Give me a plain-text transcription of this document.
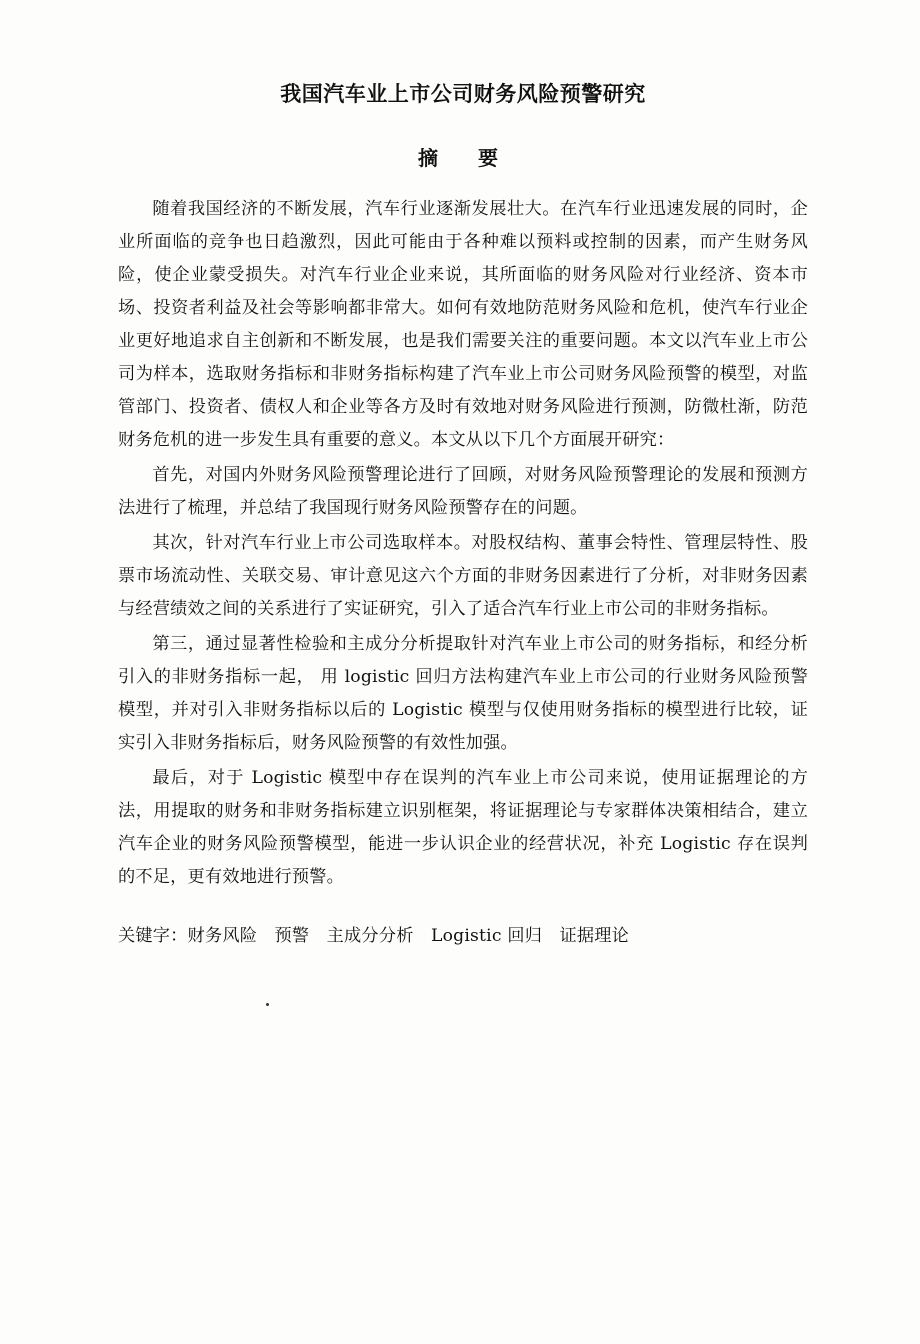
我国汽车业上市公司财务风险预警研究
摘　要

随着我国经济的不断发展，汽车行业逐渐发展壮大。在汽车行业迅速发展的同时，企业所面临的竞争也日趋激烈，因此可能由于各种难以预料或控制的因素，而产生财务风险，使企业蒙受损失。对汽车行业企业来说，其所面临的财务风险对行业经济、资本市场、投资者利益及社会等影响都非常大。如何有效地防范财务风险和危机，使汽车行业企业更好地追求自主创新和不断发展，也是我们需要关注的重要问题。本文以汽车业上市公司为样本，选取财务指标和非财务指标构建了汽车业上市公司财务风险预警的模型，对监管部门、投资者、债权人和企业等各方及时有效地对财务风险进行预测，防微杜渐，防范财务危机的进一步发生具有重要的意义。本文从以下几个方面展开研究：

首先，对国内外财务风险预警理论进行了回顾，对财务风险预警理论的发展和预测方法进行了梳理，并总结了我国现行财务风险预警存在的问题。

其次，针对汽车行业上市公司选取样本。对股权结构、董事会特性、管理层特性、股票市场流动性、关联交易、审计意见这六个方面的非财务因素进行了分析，对非财务因素与经营绩效之间的关系进行了实证研究，引入了适合汽车行业上市公司的非财务指标。

第三，通过显著性检验和主成分分析提取针对汽车业上市公司的财务指标，和经分析引入的非财务指标一起， 用 logistic 回归方法构建汽车业上市公司的行业财务风险预警模型，并对引入非财务指标以后的 Logistic 模型与仅使用财务指标的模型进行比较，证实引入非财务指标后，财务风险预警的有效性加强。

最后，对于 Logistic 模型中存在误判的汽车业上市公司来说，使用证据理论的方法，用提取的财务和非财务指标建立识别框架，将证据理论与专家群体决策相结合，建立汽车企业的财务风险预警模型，能进一步认识企业的经营状况，补充 Logistic 存在误判的不足，更有效地进行预警。

关键字：财务风险　预警　主成分分析　Logistic 回归　证据理论
